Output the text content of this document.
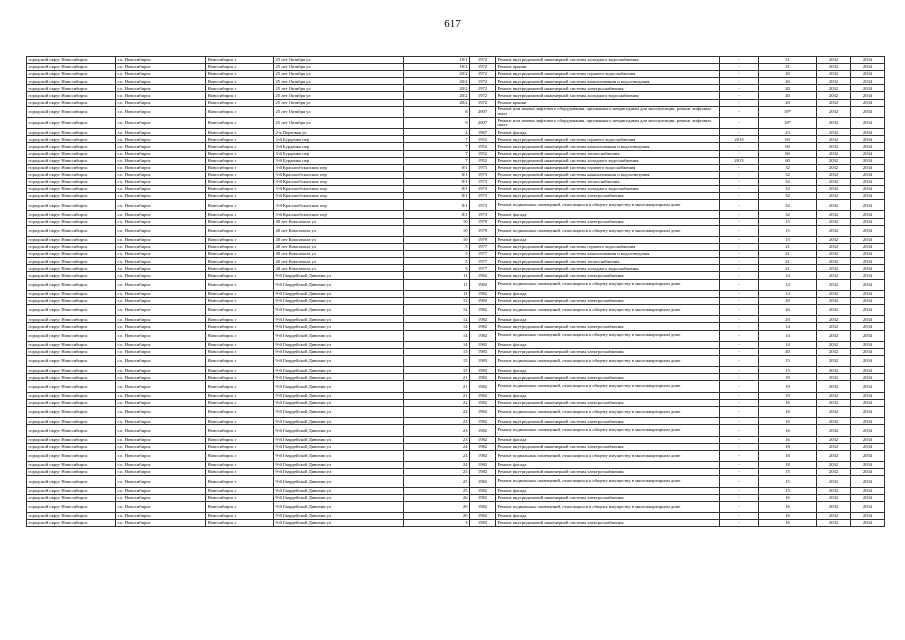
617
городской округ Новосибирск	г.о. Новосибирск	Новосибирск г	25 лет Октября ул	18/1	1972	Ремонт внутридомовой инженерной системы холодного водоснабжения	-	31	2032	2034
городской округ Новосибирск	г.о. Новосибирск	Новосибирск г	25 лет Октября ул	18/1	1972	Ремонт крыши	-	31	2032	2034
городской округ Новосибирск	г.о. Новосибирск	Новосибирск г	25 лет Октября ул	20/2	1972	Ремонт внутридомовой инженерной системы горячего водоснабжения	-	20	2032	2034
городской округ Новосибирск	г.о. Новосибирск	Новосибирск г	25 лет Октября ул	20/2	1972	Ремонт внутридомовой инженерной системы канализования и водоотведения	-	20	2032	2034
городской округ Новосибирск	г.о. Новосибирск	Новосибирск г	25 лет Октября ул	20/2	1972	Ремонт внутридомовой инженерной системы электроснабжения	-	20	2032	2034
городской округ Новосибирск	г.о. Новосибирск	Новосибирск г	25 лет Октября ул	20/2	1972	Ремонт внутридомовой инженерной системы холодного водоснабжения	-	20	2032	2034
городской округ Новосибирск	г.о. Новосибирск	Новосибирск г	25 лет Октября ул	20/2	1972	Ремонт крыши	-	20	2032	2034
городской округ Новосибирск	г.о. Новосибирск	Новосибирск г	25 лет Октября ул	8	2007	Ремонт или замена лифтового оборудования, признанного непригодным для эксплуатации, ремонт лифтовых шахт	-	18*	2032	2034
городской округ Новосибирск	г.о. Новосибирск	Новосибирск г	25 лет Октября ул	9	2007	Ремонт или замена лифтового оборудования, признанного непригодным для эксплуатации, ремонт лифтовых шахт	-	18*	2032	2034
городской округ Новосибирск	г.о. Новосибирск	Новосибирск г	2-я Портовая ул	4	1967	Ремонт фасада	-	23	2032	2034
городской округ Новосибирск	г.о. Новосибирск	Новосибирск г	3-й Бурденко пер	7	1952	Ремонт внутридомовой инженерной системы горячего водоснабжения	2013	60	2032	2034
городской округ Новосибирск	г.о. Новосибирск	Новосибирск г	3-й Бурденко пер	7	1952	Ремонт внутридомовой инженерной системы канализования и водоотведения	-	60	2032	2034
городской округ Новосибирск	г.о. Новосибирск	Новосибирск г	3-й Бурденко пер	7	1952	Ремонт внутридомовой инженерной системы теплоснабжения	-	60	2032	2034
городской округ Новосибирск	г.о. Новосибирск	Новосибирск г	3-й Бурденко пер	7	1952	Ремонт внутридомовой инженерной системы холодного водоснабжения	2013	60	2032	2034
городской округ Новосибирск	г.о. Новосибирск	Новосибирск г	3-й Краснообсказских пер	8/1	1973	Ремонт внутридомовой инженерной системы горячего водоснабжения	-	32	2032	2034
городской округ Новосибирск	г.о. Новосибирск	Новосибирск г	3-й Краснообсказских пер	8/1	1973	Ремонт внутридомовой инженерной системы канализования и водоотведения	-	32	2032	2034
городской округ Новосибирск	г.о. Новосибирск	Новосибирск г	3-й Краснообсказских пер	8/1	1973	Ремонт внутридомовой инженерной системы теплоснабжения	-	32	2032	2034
городской округ Новосибирск	г.о. Новосибирск	Новосибирск г	3-й Краснообсказских пер	8/1	1973	Ремонт внутридомовой инженерной системы холодного водоснабжения	-	32	2032	2034
городской округ Новосибирск	г.о. Новосибирск	Новосибирск г	3-й Краснообсказских пер	8/1	1973	Ремонт внутридомовой инженерной системы электроснабжения	-	32	2032	2034
городской округ Новосибирск	г.о. Новосибирск	Новосибирск г	3-й Краснообсказских пер	8/1	1973	Ремонт подвальных помещений, относящихся к общему имуществу в многоквартирном доме	-	32	2032	2034
городской округ Новосибирск	г.о. Новосибирск	Новосибирск г	3-й Краснообсказских пер	8/1	1973	Ремонт фасада	-	32	2032	2034
городской округ Новосибирск	г.о. Новосибирск	Новосибирск г	40 лет Комсомола ул	10	1979	Ремонт внутридомовой инженерной системы электроснабжения	-	15	2032	2034
городской округ Новосибирск	г.о. Новосибирск	Новосибирск г	40 лет Комсомола ул	10	1979	Ремонт подвальных помещений, относящихся к общему имуществу в многоквартирном доме	-	15	2032	2034
городской округ Новосибирск	г.о. Новосибирск	Новосибирск г	40 лет Комсомола ул	10	1979	Ремонт фасада	-	15	2032	2034
городской округ Новосибирск	г.о. Новосибирск	Новосибирск г	40 лет Комсомола ул	5	1977	Ремонт внутридомовой инженерной системы горячего водоснабжения	-	21	2032	2034
городской округ Новосибирск	г.о. Новосибирск	Новосибирск г	40 лет Комсомола ул	5	1977	Ремонт внутридомовой инженерной системы канализования и водоотведения	-	21	2032	2034
городской округ Новосибирск	г.о. Новосибирск	Новосибирск г	40 лет Комсомола ул	5	1977	Ремонт внутридомовой инженерной системы теплоснабжения	-	21	2032	2034
городской округ Новосибирск	г.о. Новосибирск	Новосибирск г	40 лет Комсомола ул	5	1977	Ремонт внутридомовой инженерной системы холодного водоснабжения	-	21	2032	2034
городской округ Новосибирск	г.о. Новосибирск	Новосибирск г	9-й Гвардейской Дивизии ул	11	1982	Ремонт внутридомовой инженерной системы электроснабжения	-	14	2032	2034
городской округ Новосибирск	г.о. Новосибирск	Новосибирск г	9-й Гвардейской Дивизии ул	11	1982	Ремонт подвальных помещений, относящихся к общему имуществу в многоквартирном доме	-	14	2032	2034
городской округ Новосибирск	г.о. Новосибирск	Новосибирск г	9-й Гвардейской Дивизии ул	11	1982	Ремонт фасада	-	14	2032	2034
городской округ Новосибирск	г.о. Новосибирск	Новосибирск г	9-й Гвардейской Дивизии ул	12	1982	Ремонт внутридомовой инженерной системы электроснабжения	-	20	2032	2034
городской округ Новосибирск	г.о. Новосибирск	Новосибирск г	9-й Гвардейской Дивизии ул	12	1982	Ремонт подвальных помещений, относящихся к общему имуществу в многоквартирном доме	-	20	2032	2034
городской округ Новосибирск	г.о. Новосибирск	Новосибирск г	9-й Гвардейской Дивизии ул	12	1982	Ремонт фасада	-	20	2032	2034
городской округ Новосибирск	г.о. Новосибирск	Новосибирск г	9-й Гвардейской Дивизии ул	14	1982	Ремонт внутридомовой инженерной системы электроснабжения	-	14	2032	2034
городской округ Новосибирск	г.о. Новосибирск	Новосибирск г	9-й Гвардейской Дивизии ул	14	1982	Ремонт подвальных помещений, относящихся к общему имуществу в многоквартирном доме	-	14	2032	2034
городской округ Новосибирск	г.о. Новосибирск	Новосибирск г	9-й Гвардейской Дивизии ул	14	1982	Ремонт фасада	-	14	2032	2034
городской округ Новосибирск	г.о. Новосибирск	Новосибирск г	9-й Гвардейской Дивизии ул	15	1983	Ремонт внутридомовой инженерной системы электроснабжения	-	40	2032	2034
городской округ Новосибирск	г.о. Новосибирск	Новосибирск г	9-й Гвардейской Дивизии ул	15	1983	Ремонт подвальных помещений, относящихся к общему имуществу в многоквартирном доме	-	15	2032	2034
городской округ Новосибирск	г.о. Новосибирск	Новосибирск г	9-й Гвардейской Дивизии ул	15	1983	Ремонт фасада	-	15	2032	2034
городской округ Новосибирск	г.о. Новосибирск	Новосибирск г	9-й Гвардейской Дивизии ул	21	1982	Ремонт внутридомовой инженерной системы электроснабжения	-	19	2032	2034
городской округ Новосибирск	г.о. Новосибирск	Новосибирск г	9-й Гвардейской Дивизии ул	21	1982	Ремонт подвальных помещений, относящихся к общему имуществу в многоквартирном доме	-	19	2032	2034
городской округ Новосибирск	г.о. Новосибирск	Новосибирск г	9-й Гвардейской Дивизии ул	21	1982	Ремонт фасада	-	19	2032	2034
городской округ Новосибирск	г.о. Новосибирск	Новосибирск г	9-й Гвардейской Дивизии ул	22	1982	Ремонт внутридомовой инженерной системы электроснабжения	-	16	2032	2034
городской округ Новосибирск	г.о. Новосибирск	Новосибирск г	9-й Гвардейской Дивизии ул	22	1982	Ремонт подвальных помещений, относящихся к общему имуществу в многоквартирном доме	-	16	2032	2034
городской округ Новосибирск	г.о. Новосибирск	Новосибирск г	9-й Гвардейской Дивизии ул	23	1982	Ремонт внутридомовой инженерной системы электроснабжения	-	16	2032	2034
городской округ Новосибирск	г.о. Новосибирск	Новосибирск г	9-й Гвардейской Дивизии ул	23	1982	Ремонт подвальных помещений, относящихся к общему имуществу в многоквартирном доме	-	16	2032	2034
городской округ Новосибирск	г.о. Новосибирск	Новосибирск г	9-й Гвардейской Дивизии ул	23	1982	Ремонт фасада	-	16	2032	2034
городской округ Новосибирск	г.о. Новосибирск	Новосибирск г	9-й Гвардейской Дивизии ул	24	1982	Ремонт внутридомовой инженерной системы электроснабжения	-	18	2032	2034
городской округ Новосибирск	г.о. Новосибирск	Новосибирск г	9-й Гвардейской Дивизии ул	24	1982	Ремонт подвальных помещений, относящихся к общему имуществу в многоквартирном доме	-	18	2032	2034
городской округ Новосибирск	г.о. Новосибирск	Новосибирск г	9-й Гвардейской Дивизии ул	24	1982	Ремонт фасада	-	18	2032	2034
городской округ Новосибирск	г.о. Новосибирск	Новосибирск г	9-й Гвардейской Дивизии ул	25	1982	Ремонт внутридомовой инженерной системы электроснабжения	-	15	2032	2034
городской округ Новосибирск	г.о. Новосибирск	Новосибирск г	9-й Гвардейской Дивизии ул	25	1982	Ремонт подвальных помещений, относящихся к общему имуществу в многоквартирном доме	-	15	2032	2034
городской округ Новосибирск	г.о. Новосибирск	Новосибирск г	9-й Гвардейской Дивизии ул	25	1982	Ремонт фасада	-	15	2032	2034
городской округ Новосибирск	г.о. Новосибирск	Новосибирск г	9-й Гвардейской Дивизии ул	26	1982	Ремонт внутридомовой инженерной системы электроснабжения	-	16	2032	2034
городской округ Новосибирск	г.о. Новосибирск	Новосибирск г	9-й Гвардейской Дивизии ул	26	1982	Ремонт подвальных помещений, относящихся к общему имуществу в многоквартирном доме	-	16	2032	2034
городской округ Новосибирск	г.о. Новосибирск	Новосибирск г	9-й Гвардейской Дивизии ул	26	1982	Ремонт фасада	-	16	2032	2034
городской округ Новосибирск	г.о. Новосибирск	Новосибирск г	9-й Гвардейской Дивизии ул	3	1983	Ремонт внутридомовой инженерной системы электроснабжения	-	16	2032	2034
